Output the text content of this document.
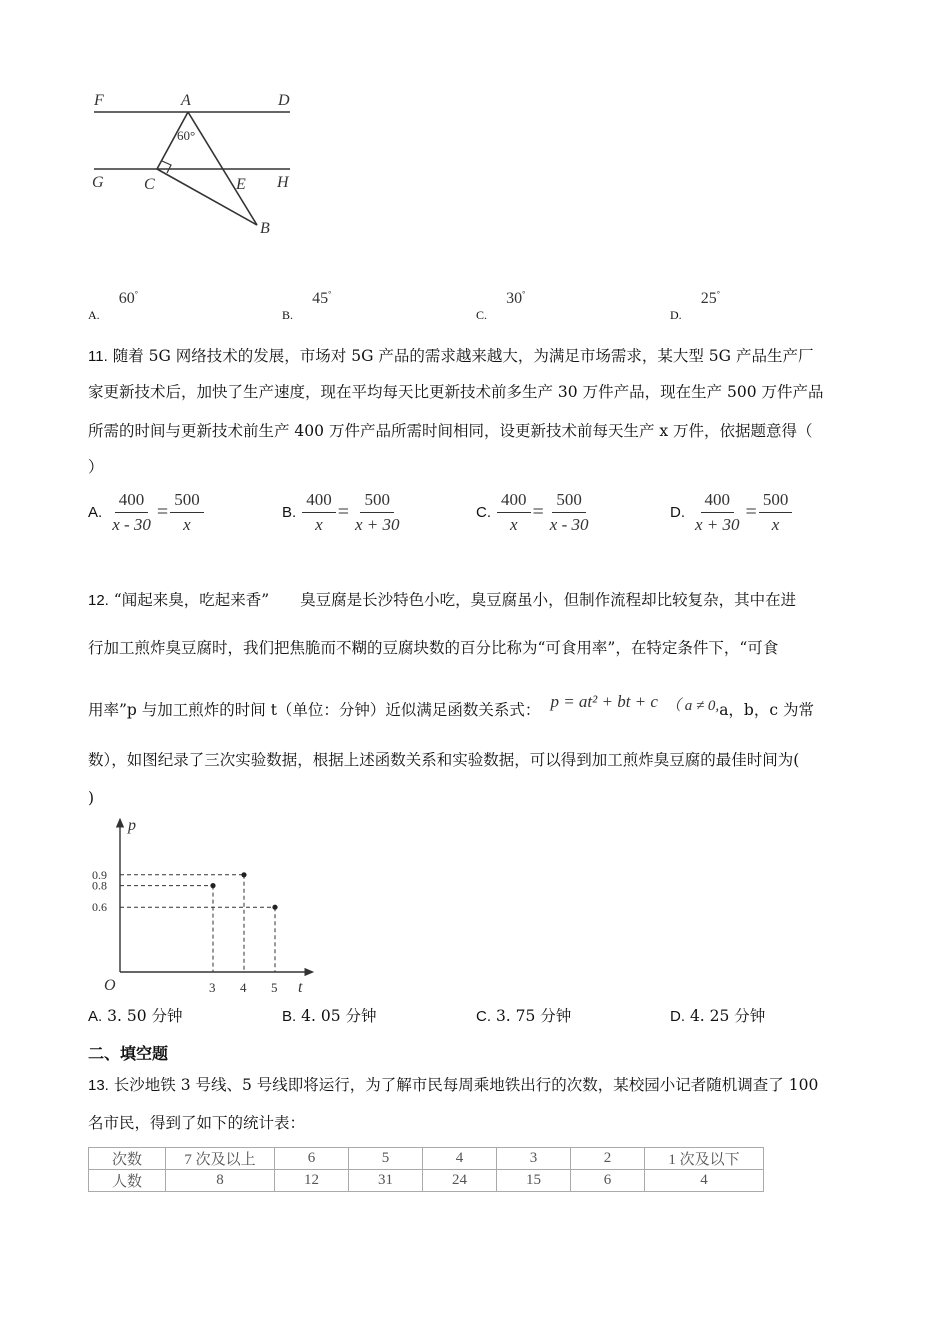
F	A	D
G	C	E H
B
60°
$_{A.}$ 60°
$_{B.}$ 45°
$_{C.}$ 30°
$_{D.}$ 25°
11. 随着 5G 网络技术的发展，市场对 5G 产品的需求越来越大，为满足市场需求，某大型 5G 产品生产厂
家更新技术后，加快了生产速度，现在平均每天比更新技术前多生产 30 万件产品，现在生产 500 万件产品
所需的时间与更新技术前生产 400 万件产品所需时间相同，设更新技术前每天生产 x 万件，依据题意得（
）
A. $\frac{400}{x - 30} = \frac{500}{x}$	B. $\frac{400}{x} = \frac{500}{x + 30}$	C. $\frac{400}{x} = \frac{500}{x - 30}$	D. $\frac{400}{x + 30} = \frac{500}{x}$
12. “闻起来臭，吃起来香”　　臭豆腐是长沙特色小吃，臭豆腐虽小，但制作流程却比较复杂，其中在进
行加工煎炸臭豆腐时，我们把焦脆而不糊的豆腐块数的百分比称为“可食用率”，在特定条件下，“可食
用率”p 与加工煎炸的时间 t（单位：分钟）近似满足函数关系式： p = at² + bt + c （ a ≠ 0, a，b，c 为常
数），如图纪录了三次实验数据，根据上述函数关系和实验数据，可以得到加工煎炸臭豆腐的最佳时间为(
)
p
t
O	3 4 5
0.9
0.8
0.6
A. 3. 50 分钟	B. 4. 05 分钟	C. 3. 75 分钟	D. 4. 25 分钟
二、填空题
13. 长沙地铁 3 号线、5 号线即将运行，为了解市民每周乘地铁出行的次数，某校园小记者随机调查了 100
名市民，得到了如下的统计表：
次数	7 次及以上	6	5	4	3	2	1 次及以下
人数	8	12	31	24	15	6	4
